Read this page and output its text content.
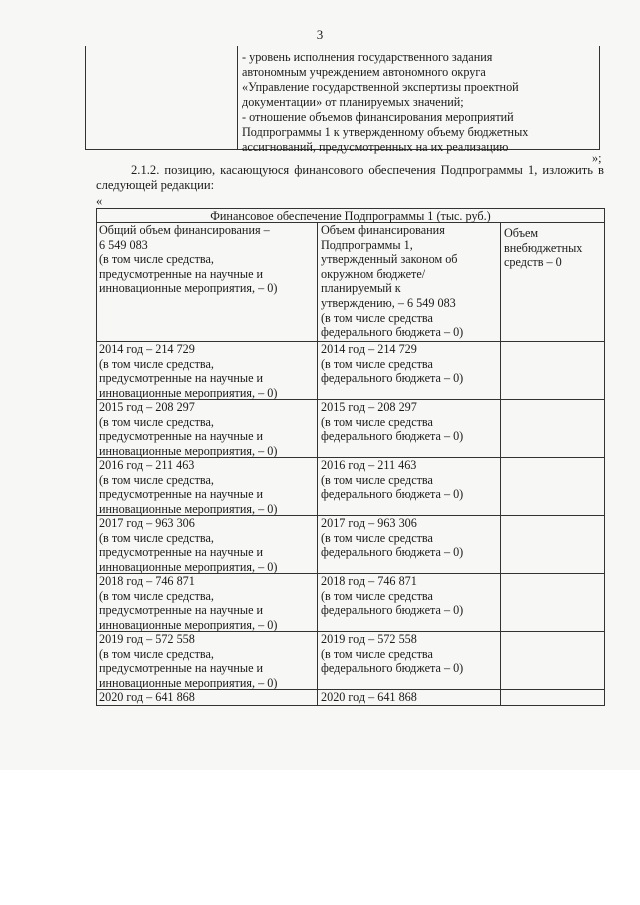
3
- уровень исполнения государственного задания
автономным учреждением автономного округа
«Управление государственной экспертизы проектной
документации» от планируемых значений;
- отношение объемов финансирования мероприятий
Подпрограммы 1 к утвержденному объему бюджетных
ассигнований, предусмотренных на их реализацию
»;
2.1.2. позицию, касающуюся финансового обеспечения Подпрограммы 1, изложить в следующей редакции:
«
Финансовое обеспечение Подпрограммы 1 (тыс. руб.)
Общий объем финансирования –
6 549 083
(в том числе средства,
предусмотренные на научные и
инновационные мероприятия, – 0)
Объем финансирования
Подпрограммы 1,
утвержденный законом об
окружном бюджете/
планируемый к
утверждению, – 6 549 083
(в том числе средства
федерального бюджета – 0)
Объем
внебюджетных
средств – 0
2014 год – 214 729
(в том числе средства,
предусмотренные на научные и
инновационные мероприятия, – 0)
2014 год – 214 729
(в том числе средства
федерального бюджета – 0)
2015 год – 208 297
(в том числе средства,
предусмотренные на научные и
инновационные мероприятия, – 0)
2015 год – 208 297
(в том числе средства
федерального бюджета – 0)
2016 год – 211 463
(в том числе средства,
предусмотренные на научные и
инновационные мероприятия, – 0)
2016 год – 211 463
(в том числе средства
федерального бюджета – 0)
2017 год – 963 306
(в том числе средства,
предусмотренные на научные и
инновационные мероприятия, – 0)
2017 год – 963 306
(в том числе средства
федерального бюджета – 0)
2018 год – 746 871
(в том числе средства,
предусмотренные на научные и
инновационные мероприятия, – 0)
2018 год – 746 871
(в том числе средства
федерального бюджета – 0)
2019 год – 572 558
(в том числе средства,
предусмотренные на научные и
инновационные мероприятия, – 0)
2019 год – 572 558
(в том числе средства
федерального бюджета – 0)
2020 год – 641 868	2020 год – 641 868
